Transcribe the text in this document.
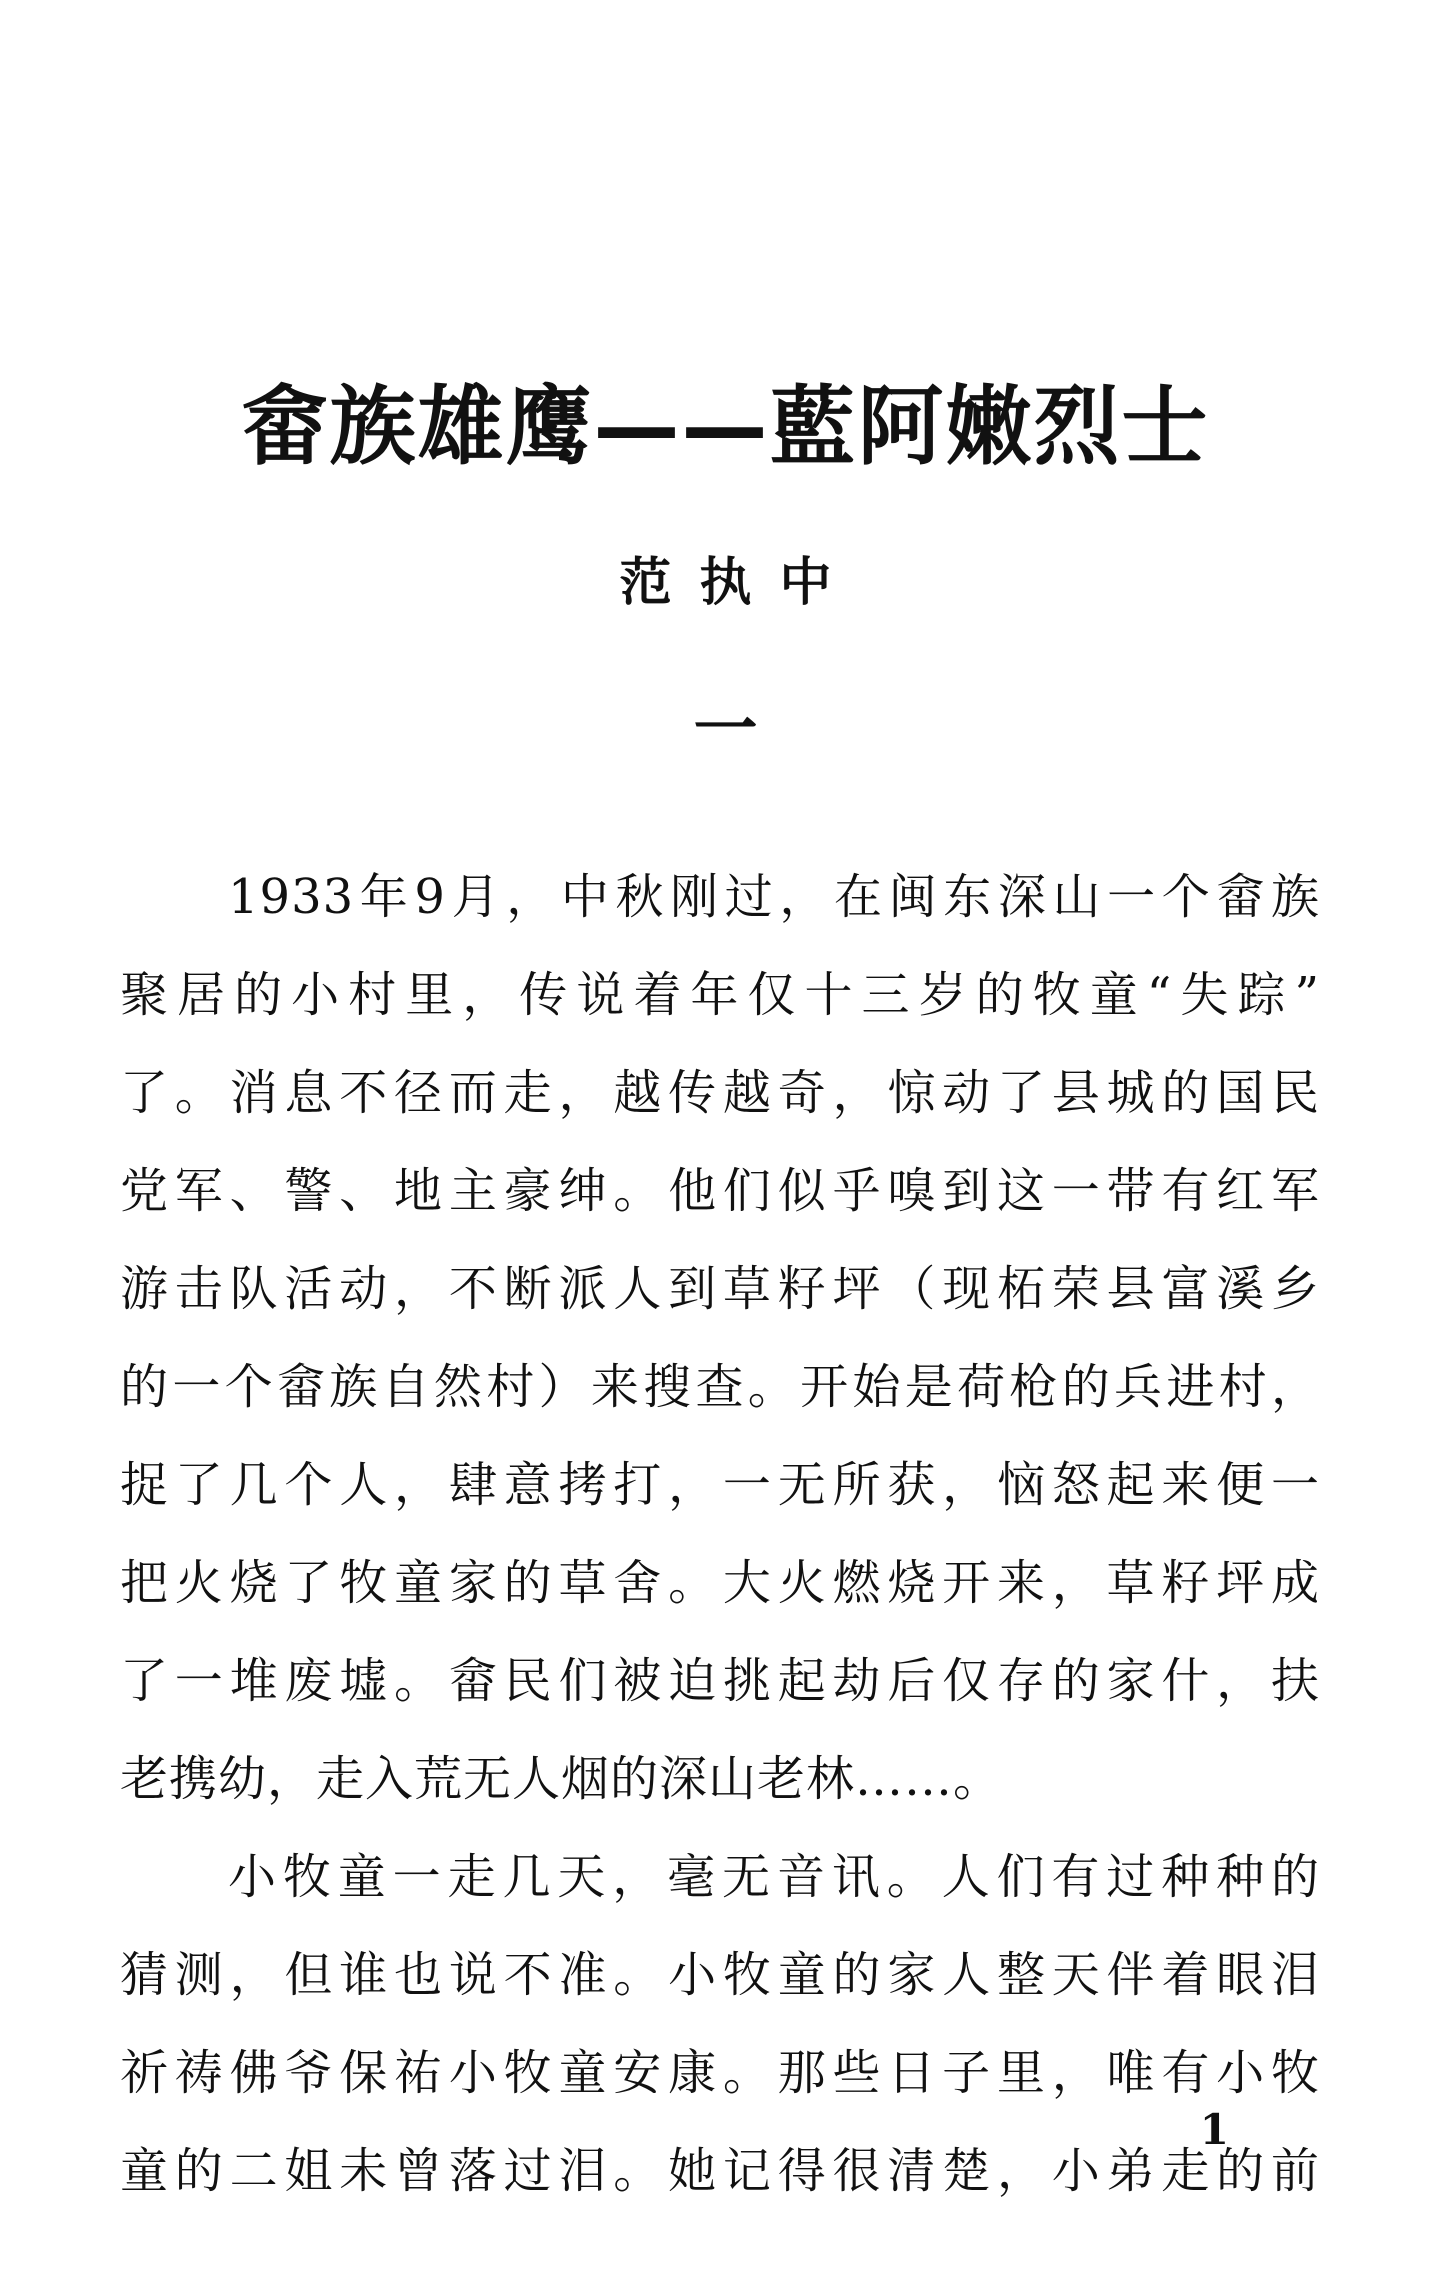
畲族雄鹰——藍阿嫩烈士
范执中
一
1933年9月，中秋刚过，在闽东深山一个畲族
聚居的小村里，传说着年仅十三岁的牧童“失踪”
了。消息不径而走，越传越奇，惊动了县城的国民
党军、警、地主豪绅。他们似乎嗅到这一带有红军
游击队活动，不断派人到草籽坪（现柘荣县富溪乡
的一个畲族自然村）来搜查。开始是荷枪的兵进村，
捉了几个人，肆意拷打，一无所获，恼怒起来便一
把火烧了牧童家的草舍。大火燃烧开来，草籽坪成
了一堆废墟。畲民们被迫挑起劫后仅存的家什，扶
老携幼，走入荒无人烟的深山老林……。
小牧童一走几天，毫无音讯。人们有过种种的
猜测，但谁也说不准。小牧童的家人整天伴着眼泪
祈祷佛爷保祐小牧童安康。那些日子里，唯有小牧
童的二姐未曾落过泪。她记得很清楚，小弟走的前
1
